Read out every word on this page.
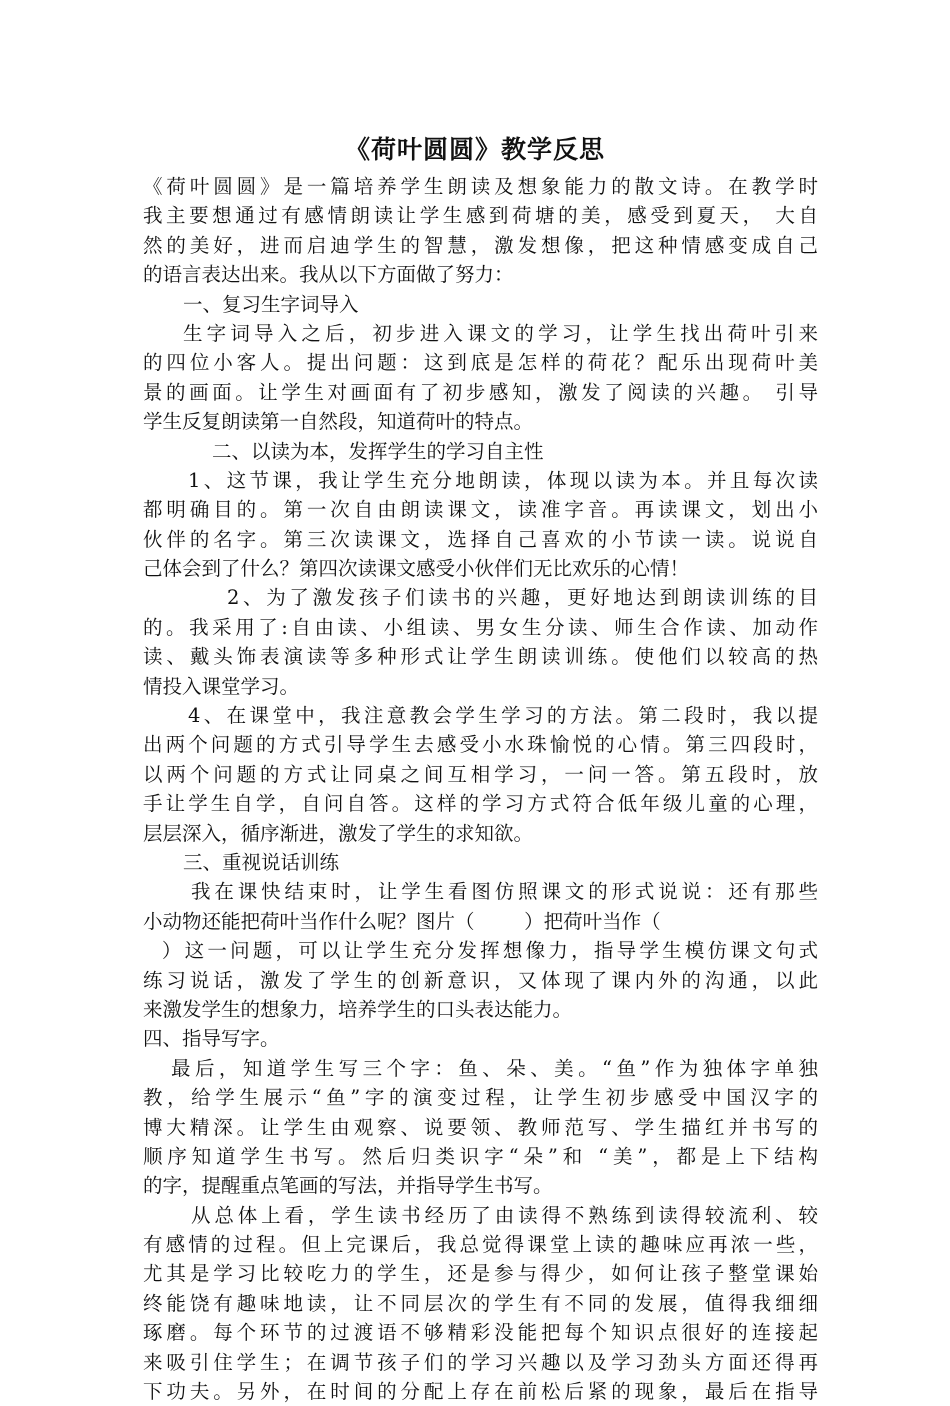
《荷叶圆圆》教学反思
《荷叶圆圆》是一篇培养学生朗读及想象能力的散文诗。在教学时
我主要想通过有感情朗读让学生感到荷塘的美，感受到夏天， 大自
然的美好，进而启迪学生的智慧，激发想像，把这种情感变成自己
的语言表达出来。我从以下方面做了努力：
一、复习生字词导入
生字词导入之后，初步进入课文的学习，让学生找出荷叶引来
的四位小客人。提出问题：这到底是怎样的荷花？配乐出现荷叶美
景的画面。让学生对画面有了初步感知，激发了阅读的兴趣。 引导
学生反复朗读第一自然段，知道荷叶的特点。
二、以读为本，发挥学生的学习自主性
1、这节课，我让学生充分地朗读，体现以读为本。并且每次读
都明确目的。第一次自由朗读课文，读准字音。再读课文，划出小
伙伴的名字。第三次读课文，选择自己喜欢的小节读一读。说说自
己体会到了什么？第四次读课文感受小伙伴们无比欢乐的心情！
2、为了激发孩子们读书的兴趣，更好地达到朗读训练的目
的。我采用了:自由读、小组读、男女生分读、师生合作读、加动作
读、戴头饰表演读等多种形式让学生朗读训练。使他们以较高的热
情投入课堂学习。
4、在课堂中，我注意教会学生学习的方法。第二段时，我以提
出两个问题的方式引导学生去感受小水珠愉悦的心情。第三四段时，
以两个问题的方式让同桌之间互相学习，一问一答。第五段时，放
手让学生自学，自问自答。这样的学习方式符合低年级儿童的心理，
层层深入，循序渐进，激发了学生的求知欲。
三、重视说话训练
我在课快结束时，让学生看图仿照课文的形式说说：还有那些
小动物还能把荷叶当作什么呢？图片（        ）把荷叶当作（
）这一问题，可以让学生充分发挥想像力，指导学生模仿课文句式
练习说话，激发了学生的创新意识，又体现了课内外的沟通，以此
来激发学生的想象力，培养学生的口头表达能力。
四、指导写字。
最后，知道学生写三个字：鱼、朵、美。“鱼”作为独体字单独
教，给学生展示“鱼”字的演变过程，让学生初步感受中国汉字的
博大精深。让学生由观察、说要领、教师范写、学生描红并书写的
顺序知道学生书写。然后归类识字“朵”和 “美”，都是上下结构
的字，提醒重点笔画的写法，并指导学生书写。
从总体上看，学生读书经历了由读得不熟练到读得较流利、较
有感情的过程。但上完课后，我总觉得课堂上读的趣味应再浓一些，
尤其是学习比较吃力的学生，还是参与得少，如何让孩子整堂课始
终能饶有趣味地读，让不同层次的学生有不同的发展，值得我细细
琢磨。每个环节的过渡语不够精彩没能把每个知识点很好的连接起
来吸引住学生；在调节孩子们的学习兴趣以及学习劲头方面还得再
下功夫。另外，在时间的分配上存在前松后紧的现象，最后在指导
